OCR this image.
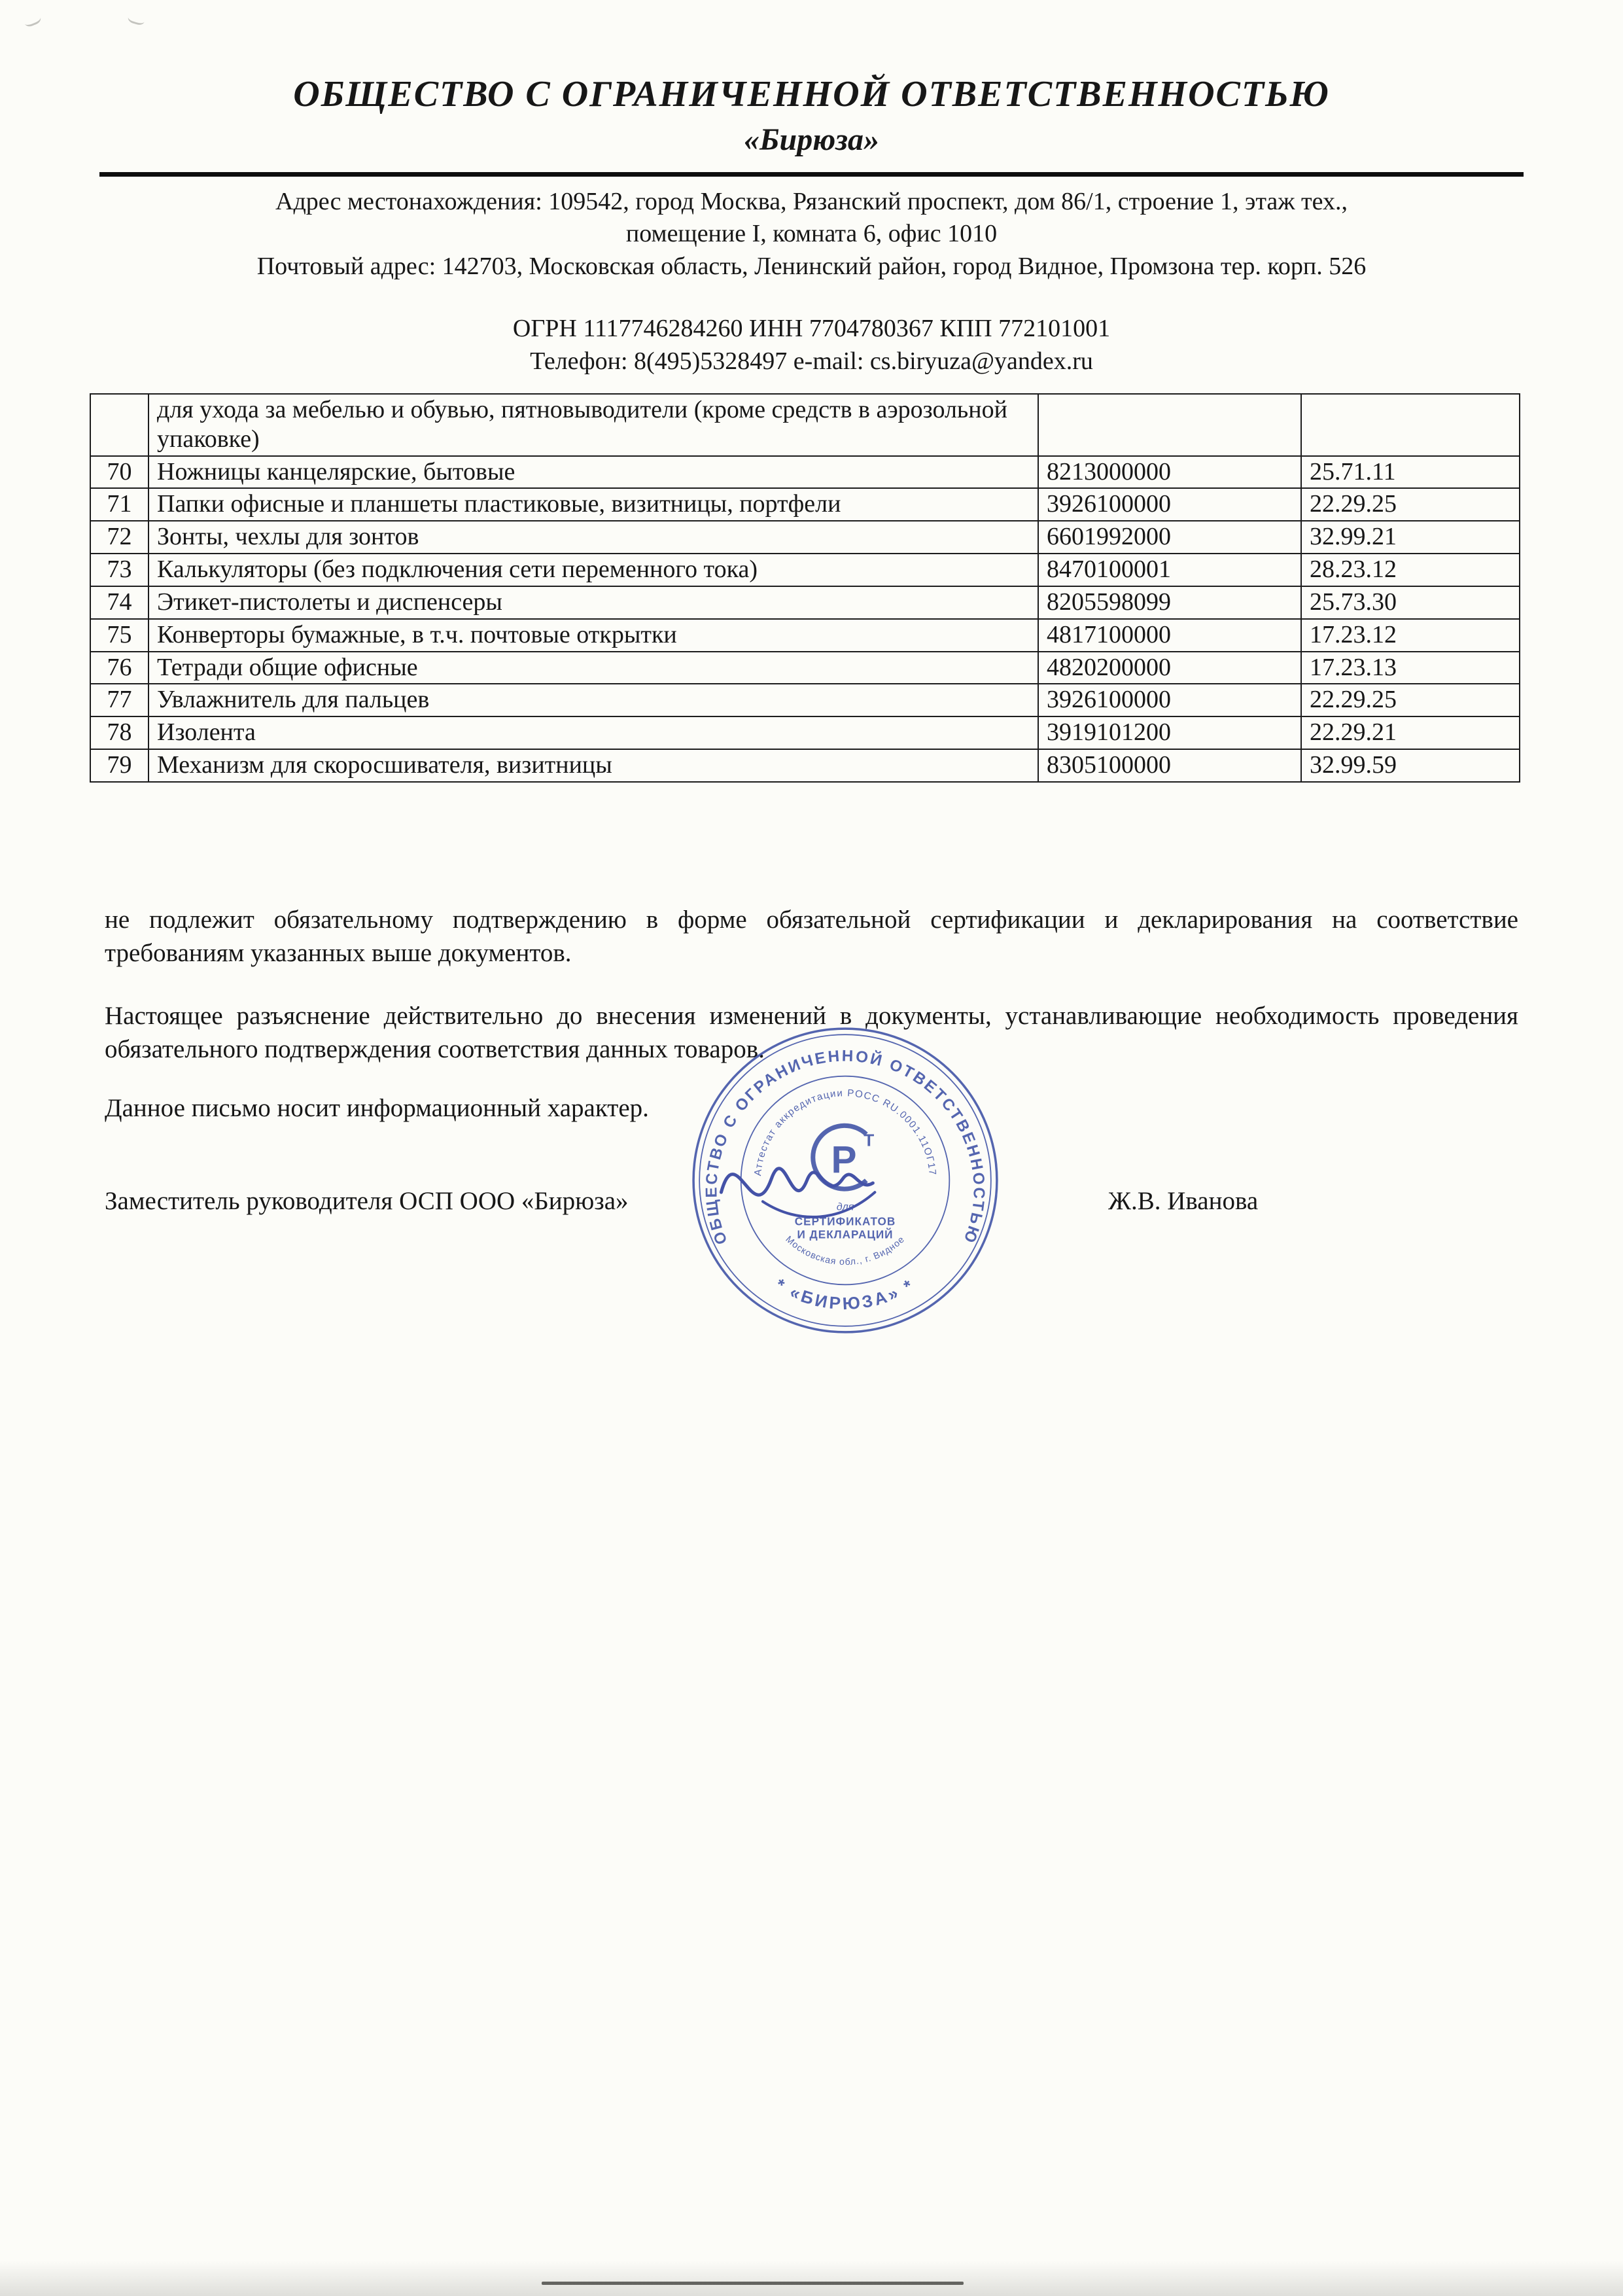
ОБЩЕСТВО С ОГРАНИЧЕННОЙ ОТВЕТСТВЕННОСТЬЮ
«Бирюза»
Адрес местонахождения: 109542, город Москва, Рязанский проспект, дом 86/1, строение 1, этаж тех.,
помещение I, комната 6, офис 1010
Почтовый адрес: 142703, Московская область, Ленинский район, город Видное, Промзона тер. корп. 526
ОГРН 1117746284260 ИНН 7704780367 КПП 772101001
Телефон: 8(495)5328497 e-mail: cs.biryuza@yandex.ru
	для ухода за мебелью и обувью, пятновыводители (кроме средств в аэрозольной упаковке)		
70	Ножницы канцелярские, бытовые	8213000000	25.71.11
71	Папки офисные и планшеты пластиковые, визитницы, портфели	3926100000	22.29.25
72	Зонты, чехлы для зонтов	6601992000	32.99.21
73	Калькуляторы (без подключения сети переменного тока)	8470100001	28.23.12
74	Этикет-пистолеты и диспенсеры	8205598099	25.73.30
75	Конверторы бумажные, в т.ч. почтовые открытки	4817100000	17.23.12
76	Тетради общие офисные	4820200000	17.23.13
77	Увлажнитель для пальцев	3926100000	22.29.25
78	Изолента	3919101200	22.29.21
79	Механизм для скоросшивателя, визитницы	8305100000	32.99.59
не подлежит обязательному подтверждению в форме обязательной сертификации и декларирования на соответствие требованиям указанных выше документов.
Настоящее разъяснение действительно до внесения изменений в документы, устанавливающие необходимость проведения обязательного подтверждения соответствия данных товаров.
Данное письмо носит информационный характер.
Заместитель руководителя ОСП ООО «Бирюза»	Ж.В. Иванова
ОБЩЕСТВО С ОГРАНИЧЕННОЙ ОТВЕТСТВЕННОСТЬЮ
* «БИРЮЗА» *
Аттестат аккредитации РОСС RU.0001.11ОГ17
Московская обл., г. Видное
Р Т
для
СЕРТИФИКАТОВ
И ДЕКЛАРАЦИЙ
